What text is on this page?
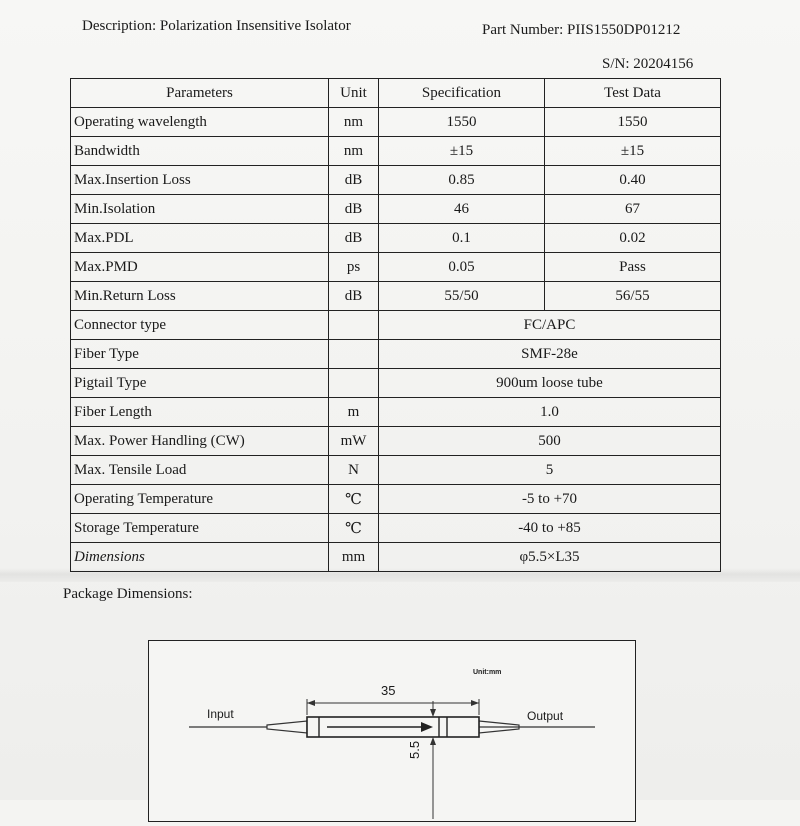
Description: Polarization Insensitive Isolator	Part Number: PIIS1550DP01212
S/N: 20204156
Parameters	Unit	Specification	Test Data
Operating wavelength	nm	1550	1550
Bandwidth	nm	±15	±15
Max.Insertion Loss	dB	0.85	0.40
Min.Isolation	dB	46	67
Max.PDL	dB	0.1	0.02
Max.PMD	ps	0.05	Pass
Min.Return Loss	dB	55/50	56/55
Connector type		FC/APC	
Fiber Type		SMF-28e	
Pigtail Type		900um loose tube	
Fiber Length	m	1.0	
Max. Power Handling (CW)	mW	500	
Max. Tensile Load	N	5	
Operating Temperature	℃	-5 to +70	
Storage Temperature	℃	-40 to +85	
Dimensions	mm	φ5.5×L35	
Package Dimensions:
Unit:mm
Input	Output
35
5.5
